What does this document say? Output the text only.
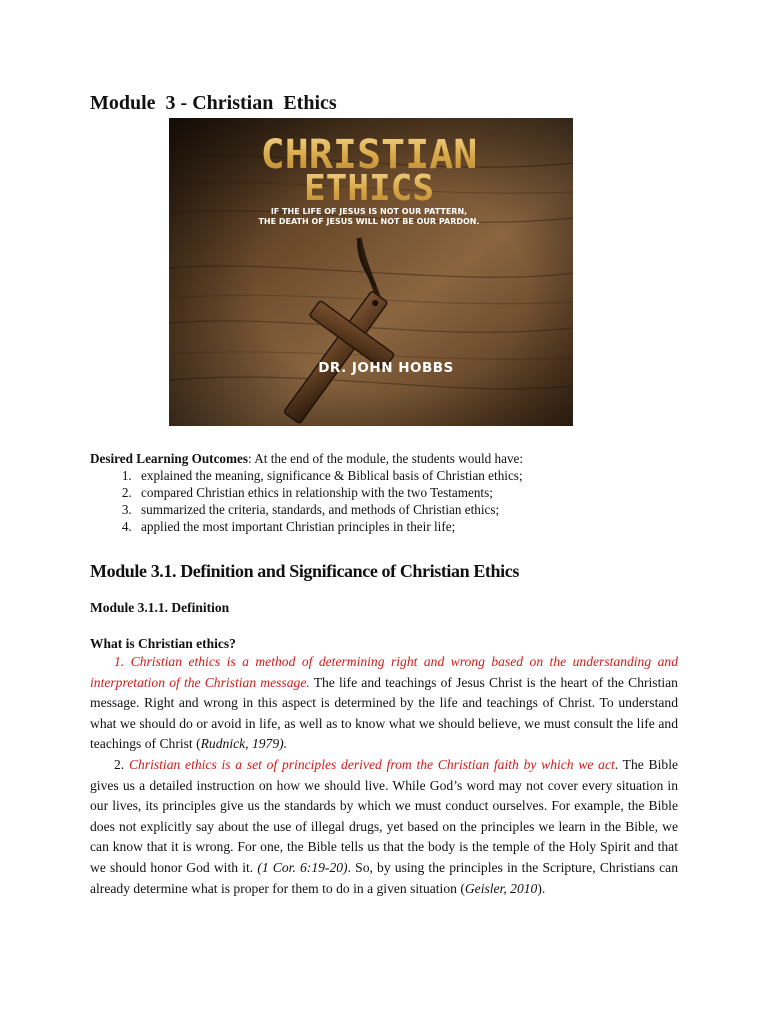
Module  3 - Christian  Ethics
CHRISTIAN
ETHICS
IF THE LIFE OF JESUS IS NOT OUR PATTERN,
THE DEATH OF JESUS WILL NOT BE OUR PARDON.
DR. JOHN HOBBS
Desired Learning Outcomes: At the end of the module, the students would have:
1. explained the meaning, significance & Biblical basis of Christian ethics;
2. compared Christian ethics in relationship with the two Testaments;
3. summarized the criteria, standards, and methods of Christian ethics;
4. applied the most important Christian principles in their life;
Module 3.1. Definition and Significance of Christian Ethics
Module 3.1.1. Definition
What is Christian ethics?

1. Christian ethics is a method of determining right and wrong based on the understanding and interpretation of the Christian message. The life and teachings of Jesus Christ is the heart of the Christian message. Right and wrong in this aspect is determined by the life and teachings of Christ. To understand what we should do or avoid in life, as well as to know what we should believe, we must consult the life and teachings of Christ (Rudnick, 1979).

2. Christian ethics is a set of principles derived from the Christian faith by which we act. The Bible gives us a detailed instruction on how we should live. While God’s word may not cover every situation in our lives, its principles give us the standards by which we must conduct ourselves. For example, the Bible does not explicitly say about the use of illegal drugs, yet based on the principles we learn in the Bible, we can know that it is wrong. For one, the Bible tells us that the body is the temple of the Holy Spirit and that we should honor God with it. (1 Cor. 6:19-20). So, by using the principles in the Scripture, Christians can already determine what is proper for them to do in a given situation (Geisler, 2010).
